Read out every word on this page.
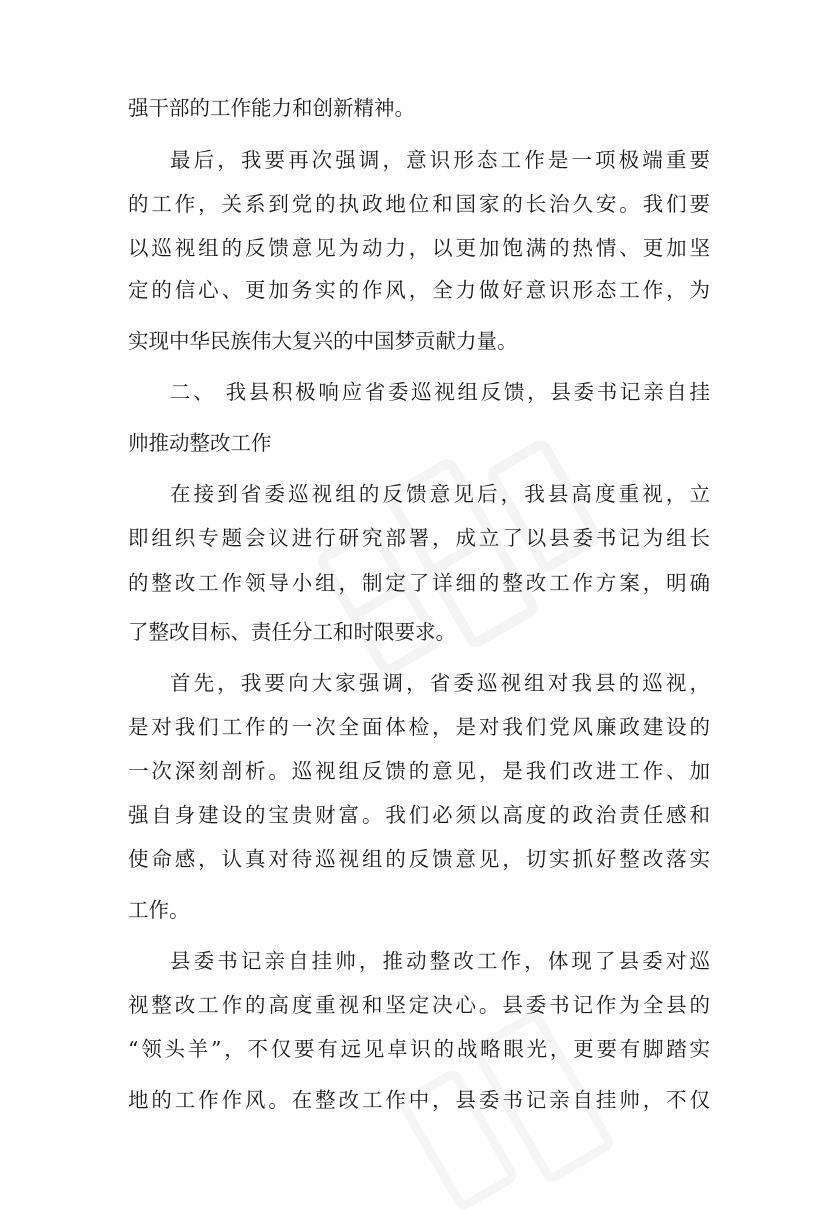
强干部的工作能力和创新精神。
最后，我要再次强调，意识形态工作是一项极端重要
的工作，关系到党的执政地位和国家的长治久安。我们要
以巡视组的反馈意见为动力，以更加饱满的热情、更加坚
定的信心、更加务实的作风，全力做好意识形态工作，为
实现中华民族伟大复兴的中国梦贡献力量。
二、 我县积极响应省委巡视组反馈，县委书记亲自挂
帅推动整改工作
在接到省委巡视组的反馈意见后，我县高度重视，立
即组织专题会议进行研究部署，成立了以县委书记为组长
的整改工作领导小组，制定了详细的整改工作方案，明确
了整改目标、责任分工和时限要求。
首先，我要向大家强调，省委巡视组对我县的巡视，
是对我们工作的一次全面体检，是对我们党风廉政建设的
一次深刻剖析。巡视组反馈的意见，是我们改进工作、加
强自身建设的宝贵财富。我们必须以高度的政治责任感和
使命感，认真对待巡视组的反馈意见，切实抓好整改落实
工作。
县委书记亲自挂帅，推动整改工作，体现了县委对巡
视整改工作的高度重视和坚定决心。县委书记作为全县的
“领头羊”，不仅要有远见卓识的战略眼光，更要有脚踏实
地的工作作风。在整改工作中，县委书记亲自挂帅，不仅
